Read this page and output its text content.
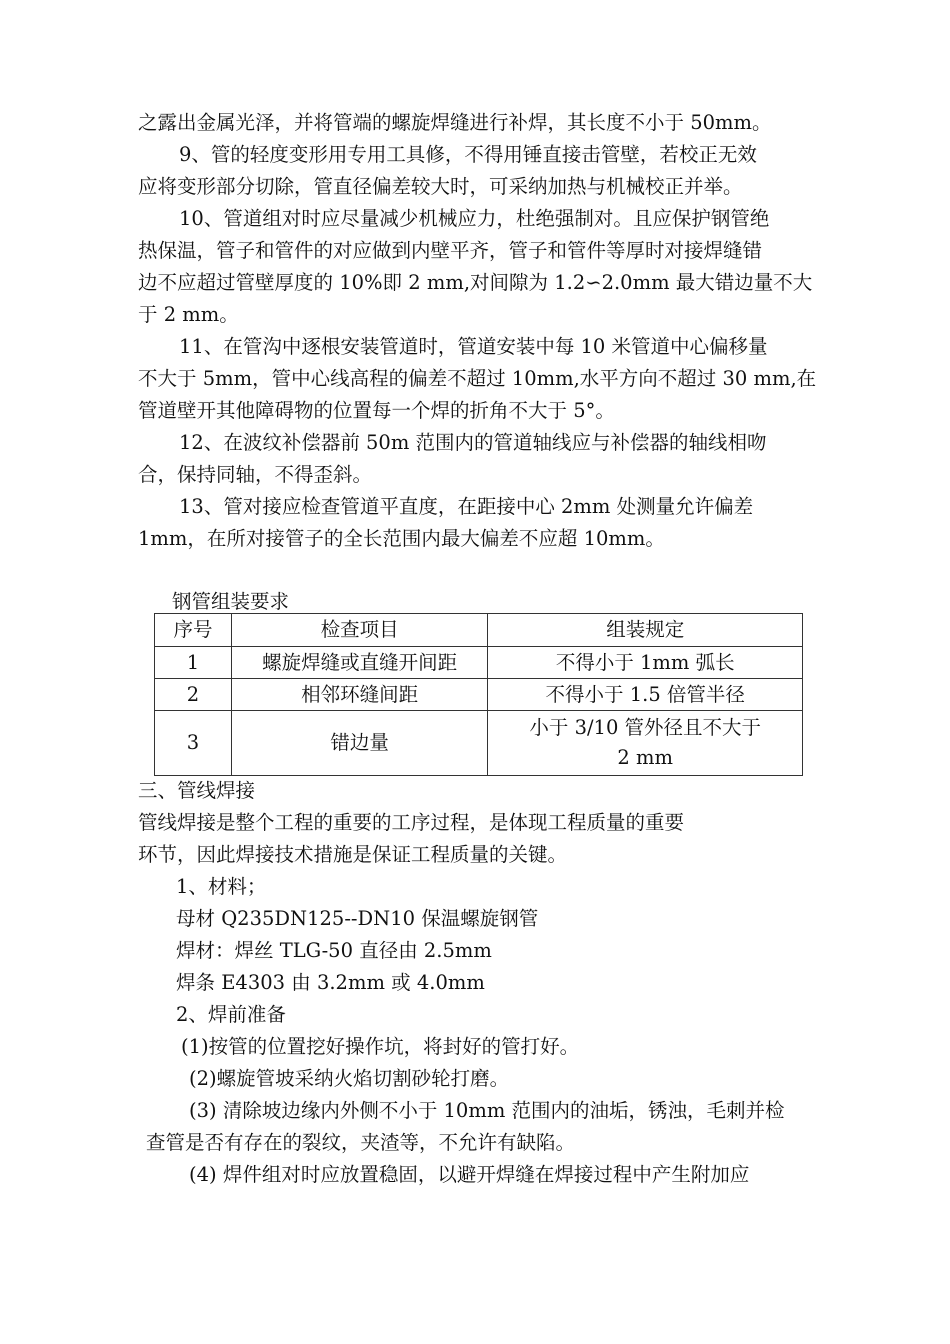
之露出金属光泽，并将管端的螺旋焊缝进行补焊，其长度不小于 50mm。
9、管的轻度变形用专用工具修，不得用锤直接击管壁，若校正无效
应将变形部分切除，管直径偏差较大时，可采纳加热与机械校正并举。
10、管道组对时应尽量减少机械应力，杜绝强制对。且应保护钢管绝
热保温，管子和管件的对应做到内壁平齐，管子和管件等厚时对接焊缝错
边不应超过管壁厚度的 10%即 2 mm,对间隙为 1.2∽2.0mm 最大错边量不大
于 2 mm。
11、在管沟中逐根安装管道时，管道安装中每 10 米管道中心偏移量
不大于 5mm，管中心线高程的偏差不超过 10mm,水平方向不超过 30 mm,在
管道壁开其他障碍物的位置每一个焊的折角不大于 5°。
12、在波纹补偿器前 50m 范围内的管道轴线应与补偿器的轴线相吻
合，保持同轴，不得歪斜。
13、管对接应检查管道平直度，在距接中心 2mm 处测量允许偏差
1mm，在所对接管子的全长范围内最大偏差不应超 10mm。
钢管组装要求
序号	检查项目	组装规定
1	螺旋焊缝或直缝开间距	不得小于 1mm 弧长
2	相邻环缝间距	不得小于 1.5 倍管半径
3	错边量	小于 3/10 管外径且不大于
2 mm
三、管线焊接
管线焊接是整个工程的重要的工序过程，是体现工程质量的重要
环节，因此焊接技术措施是保证工程质量的关键。
1、材料；
母材 Q235DN125--DN10 保温螺旋钢管
焊材：焊丝 TLG-50 直径由 2.5mm
焊条 E4303 由 3.2mm 或 4.0mm
2、焊前准备
(1)按管的位置挖好操作坑，将封好的管打好。
(2)螺旋管坡采纳火焰切割砂轮打磨。
(3) 清除坡边缘内外侧不小于 10mm 范围内的油垢，锈浊，毛刺并检
查管是否有存在的裂纹，夹渣等，不允许有缺陷。
(4) 焊件组对时应放置稳固，以避开焊缝在焊接过程中产生附加应
